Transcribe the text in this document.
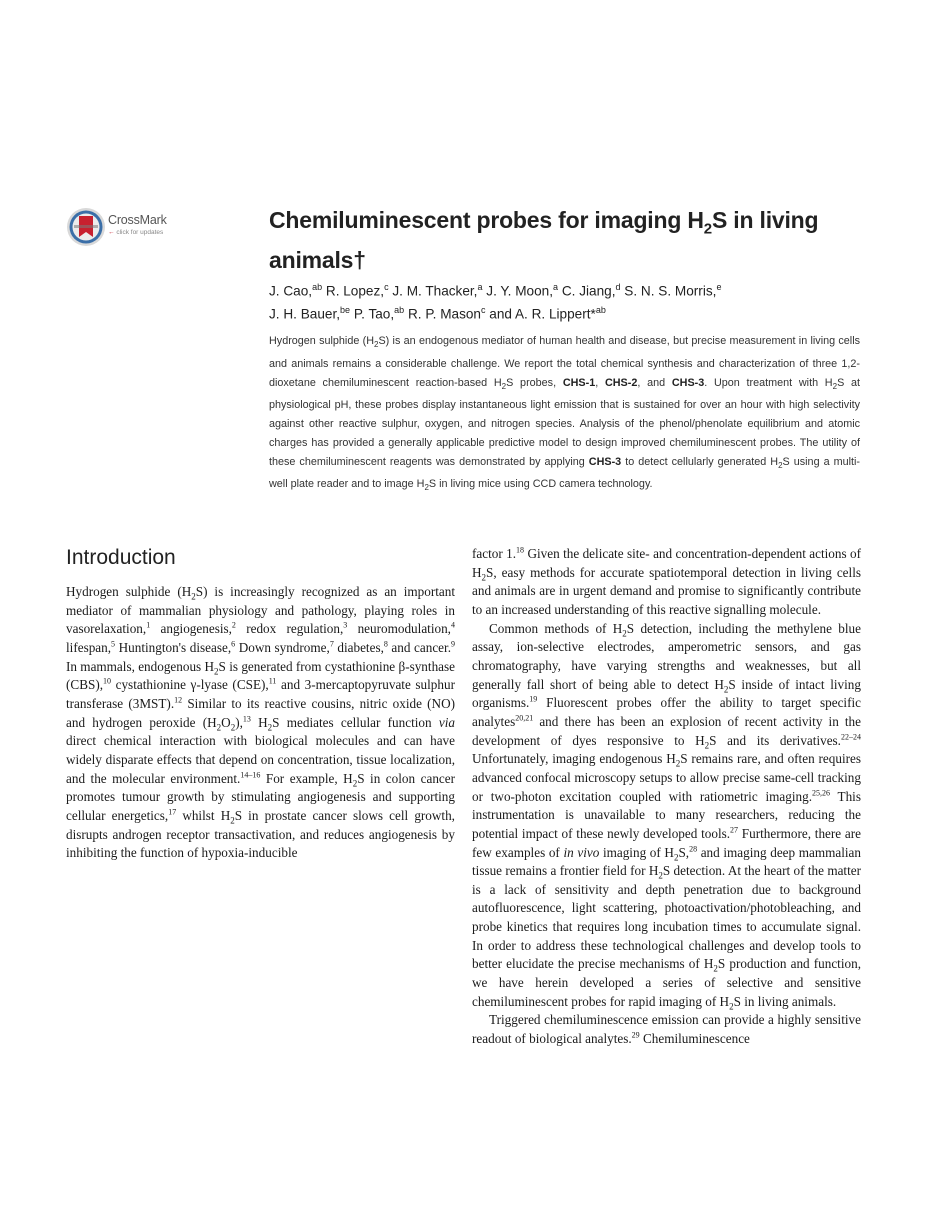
CrossMark
← click for updates	Chemiluminescent probes for imaging $H_2S$ in living animals†
J. Cao,$^{ab}$ R. Lopez,$^c$ J. M. Thacker,$^a$ J. Y. Moon,$^a$ C. Jiang,$^d$ S. N. S. Morris,$^e$
J. H. Bauer,$^{be}$ P. Tao,$^{ab}$ R. P. Mason$^c$ and A. R. Lippert*$^{ab}$
Hydrogen sulphide $(H_2S)$ is an endogenous mediator of human health and disease, but precise measurement in living cells and animals remains a considerable challenge. We report the total chemical synthesis and characterization of three 1,2-dioxetane chemiluminescent reaction-based $H_2S$ probes, CHS-1, CHS-2, and CHS-3. Upon treatment with $H_2S$ at physiological pH, these probes display instantaneous light emission that is sustained for over an hour with high selectivity against other reactive sulphur, oxygen, and nitrogen species. Analysis of the phenol/phenolate equilibrium and atomic charges has provided a generally applicable predictive model to design improved chemiluminescent probes. The utility of these chemiluminescent reagents was demonstrated by applying CHS-3 to detect cellularly generated $H_2S$ using a multi-well plate reader and to image $H_2S$ in living mice using CCD camera technology.
Introduction

Hydrogen sulphide $(H_2S)$ is increasingly recognized as an important mediator of mammalian physiology and pathology, playing roles in vasorelaxation,$^1$ angiogenesis,$^2$ redox regulation,$^3$ neuromodulation,$^4$ lifespan,$^5$ Huntington's disease,$^6$ Down syndrome,$^7$ diabetes,$^8$ and cancer.$^9$ In mammals, endogenous $H_2S$ is generated from cystathionine β-synthase (CBS),$^{10}$ cystathionine γ-lyase (CSE),$^{11}$ and 3-mercaptopyruvate sulphur transferase (3MST).$^{12}$ Similar to its reactive cousins, nitric oxide (NO) and hydrogen peroxide $(H_2O_2),^{13}$ $H_2S$ mediates cellular function via direct chemical interaction with biological molecules and can have widely disparate effects that depend on concentration, tissue localization, and the molecular environment.$^{14-16}$ For example, $H_2S$ in colon cancer promotes tumour growth by stimulating angiogenesis and supporting cellular energetics,$^{17}$ whilst $H_2S$ in prostate cancer slows cell growth, disrupts androgen receptor transactivation, and reduces angiogenesis by inhibiting the function of hypoxia-inducible

factor 1.18 Given the delicate site- and concentration-dependent actions of $H_2S$, easy methods for accurate spatiotemporal detection in living cells and animals are in urgent demand and promise to significantly contribute to an increased understanding of this reactive signalling molecule.

Common methods of $H_2S$ detection, including the methylene blue assay, ion-selective electrodes, amperometric sensors, and gas chromatography, have varying strengths and weaknesses, but all generally fall short of being able to detect $H_2S$ inside of intact living organisms.$^{19}$ Fluorescent probes offer the ability to target specific analytes$^{20,21}$ and there has been an explosion of recent activity in the development of dyes responsive to $H_2S$ and its derivatives.$^{22-24}$ Unfortunately, imaging endogenous $H_2S$ remains rare, and often requires advanced confocal microscopy setups to allow precise same-cell tracking or two-photon excitation coupled with ratiometric imaging.$^{25,26}$ This instrumentation is unavailable to many researchers, reducing the potential impact of these newly developed tools.$^{27}$ Furthermore, there are few examples of in vivo imaging of $H_2S,^{28}$ and imaging deep mammalian tissue remains a frontier field for $H_2S$ detection. At the heart of the matter is a lack of sensitivity and depth penetration due to background autofluorescence, light scattering, photoactivation/photobleaching, and probe kinetics that requires long incubation times to accumulate signal. In order to address these technological challenges and develop tools to better elucidate the precise mechanisms of $H_2S$ production and function, we have herein developed a series of selective and sensitive chemiluminescent probes for rapid imaging of $H_2S$ in living animals.

Triggered chemiluminescence emission can provide a highly sensitive readout of biological analytes.$^{29}$ Chemiluminescence
